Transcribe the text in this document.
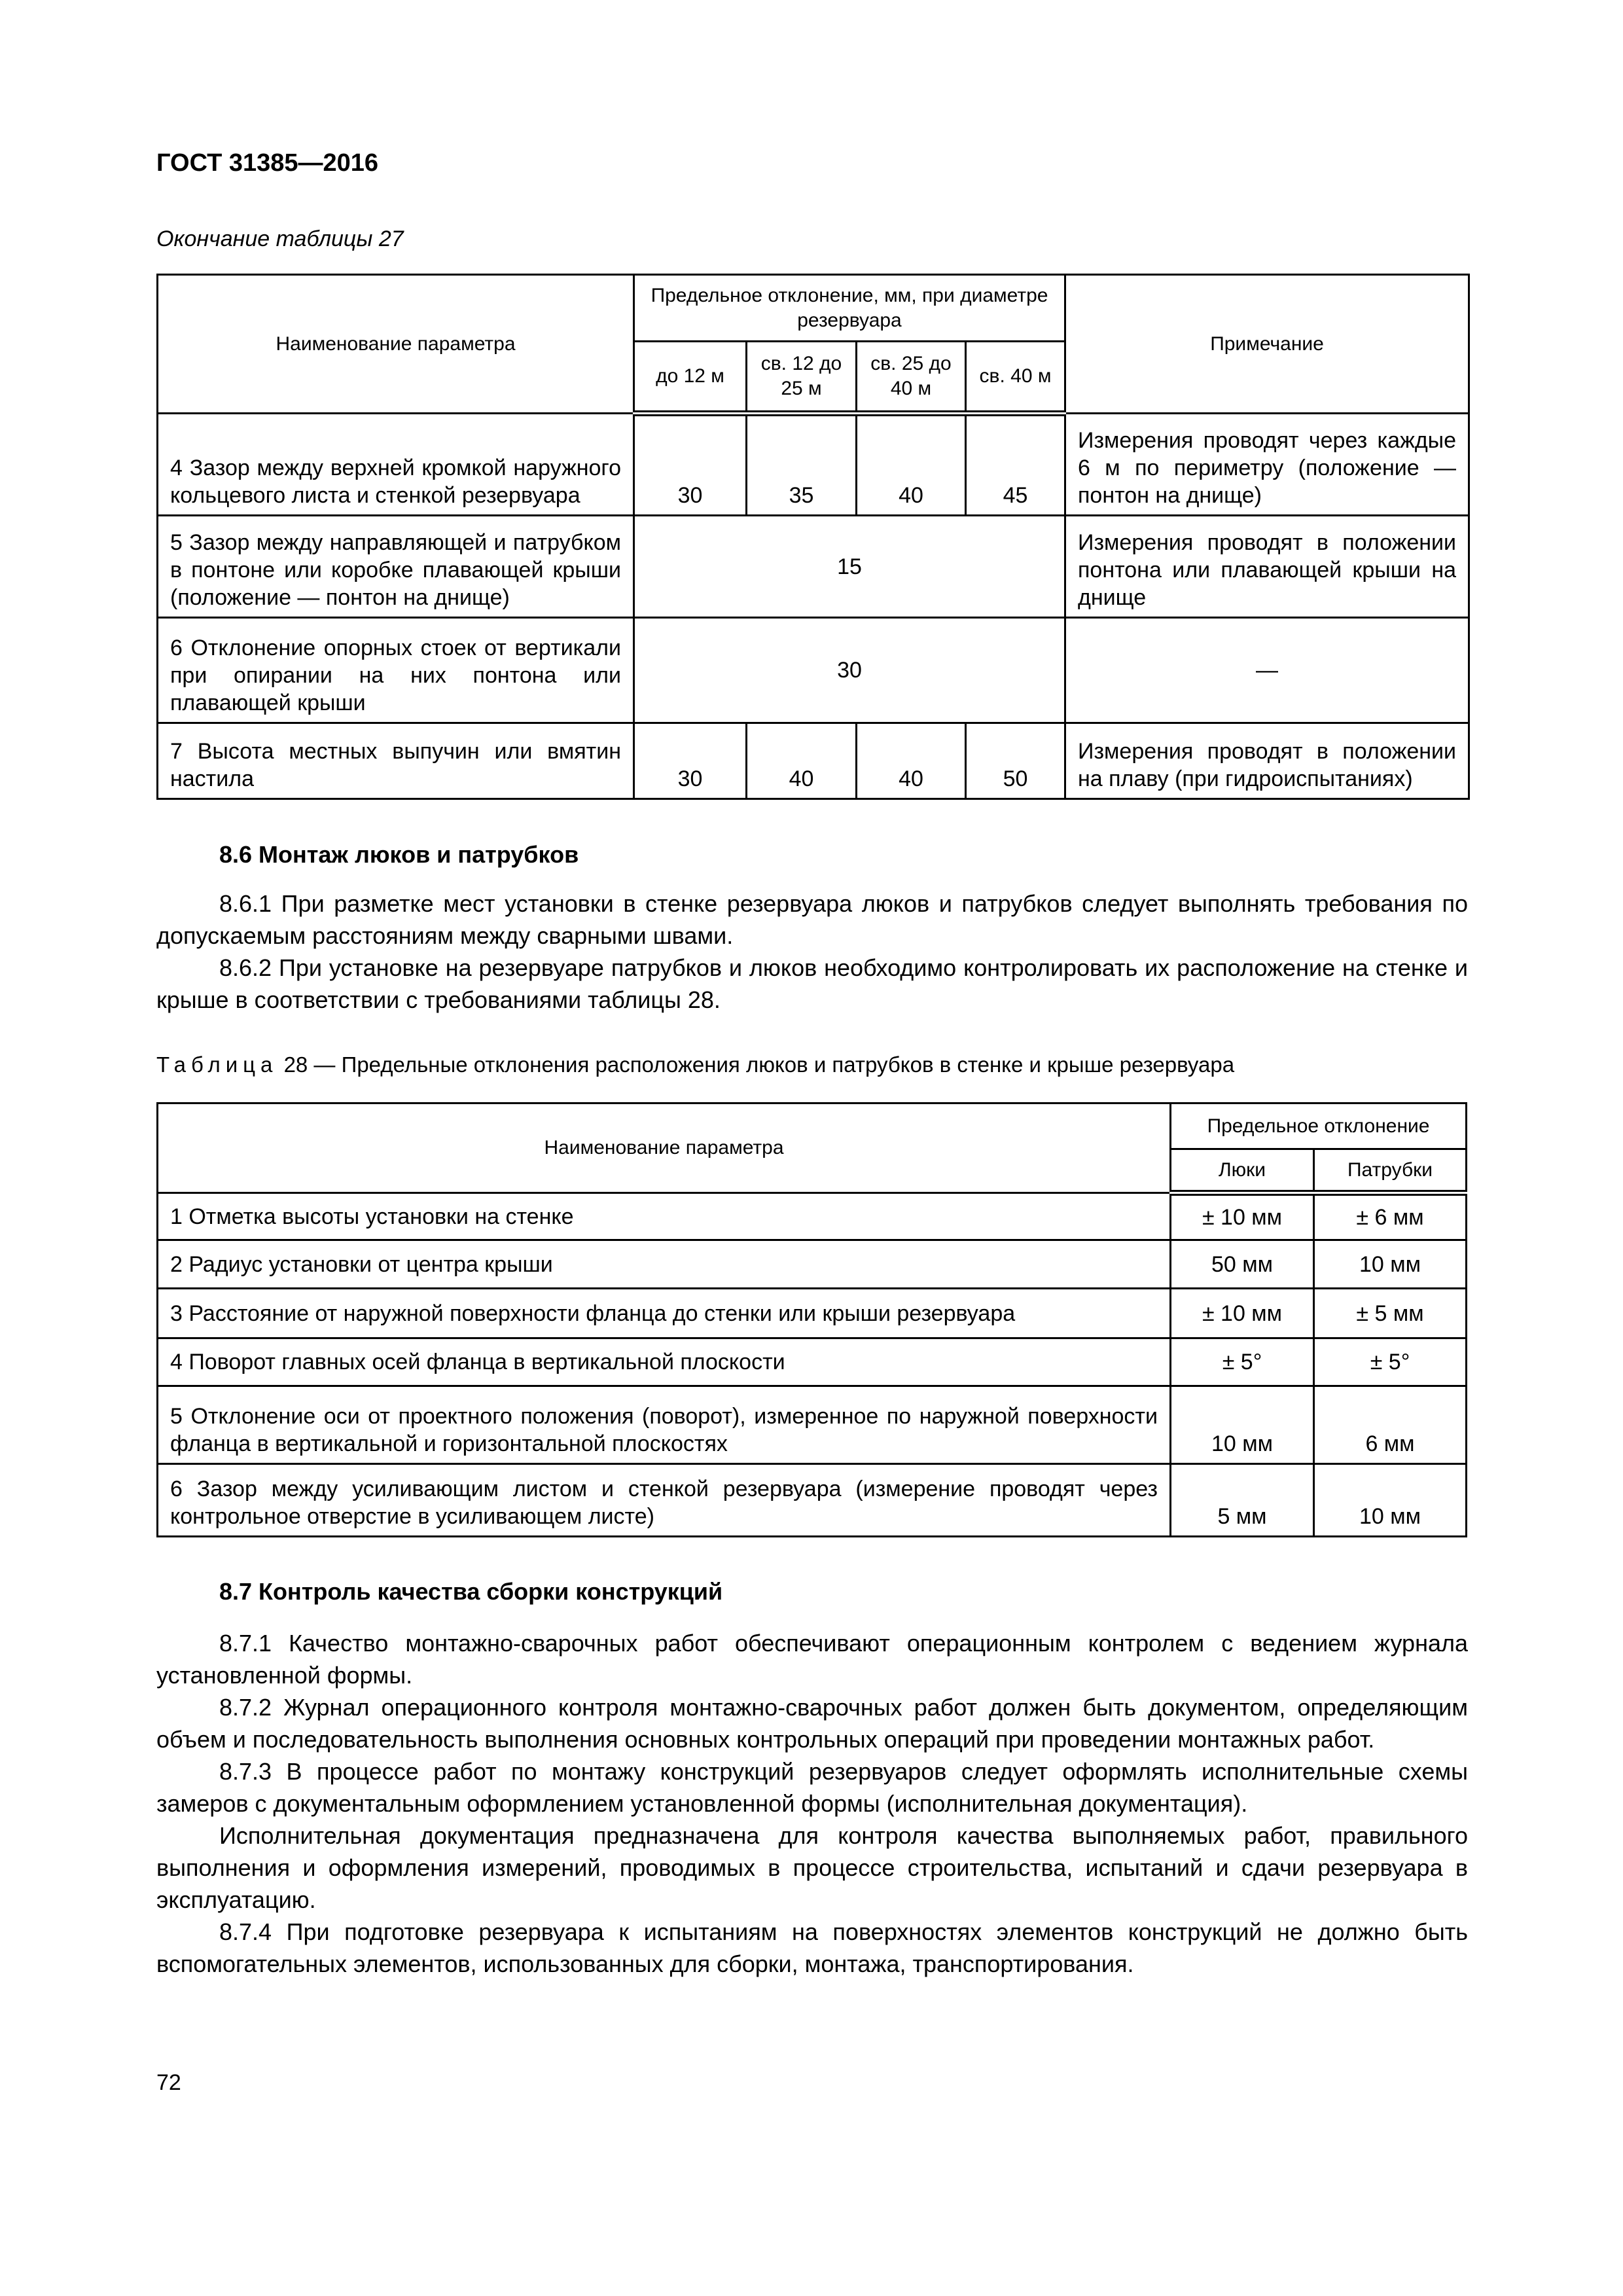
ГОСТ 31385—2016
Окончание таблицы 27
Наименование параметра	Предельное отклонение, мм, при диаметре резервуара				Примечание
	до 12 м	св. 12 до 25 м	св. 25 до 40 м	св. 40 м	
4 Зазор между верхней кромкой наружного кольцевого листа и стенкой резервуара	30	35	40	45	Измерения проводят через каждые 6 м по периметру (положение — понтон на днище)
5 Зазор между направляющей и патрубком в понтоне или коробке плавающей крыши (положение — понтон на днище)	15				Измерения проводят в положении понтона или плавающей крыши на днище
6 Отклонение опорных стоек от вертикали при опирании на них понтона или плавающей крыши	30				—
7 Высота местных выпучин или вмятин настила	30	40	40	50	Измерения проводят в положении на плаву (при гидроиспытаниях)
8.6 Монтаж люков и патрубков

8.6.1 При разметке мест установки в стенке резервуара люков и патрубков следует выполнять требования по допускаемым расстояниям между сварными швами.

8.6.2 При установке на резервуаре патрубков и люков необходимо контролировать их расположение на стенке и крыше в соответствии с требованиями таблицы 28.

Таблица 28 — Предельные отклонения расположения люков и патрубков в стенке и крыше резервуара
Наименование параметра	Предельное отклонение	
	Люки	Патрубки
1 Отметка высоты установки на стенке	± 10 мм	± 6 мм
2 Радиус установки от центра крыши	50 мм	10 мм
3 Расстояние от наружной поверхности фланца до стенки или крыши резервуара	± 10 мм	± 5 мм
4 Поворот главных осей фланца в вертикальной плоскости	± 5°	± 5°
5 Отклонение оси от проектного положения (поворот), измеренное по наружной поверхности фланца в вертикальной и горизонтальной плоскостях	10 мм	6 мм
6 Зазор между усиливающим листом и стенкой резервуара (измерение проводят через контрольное отверстие в усиливающем листе)	5 мм	10 мм
8.7 Контроль качества сборки конструкций

8.7.1 Качество монтажно-сварочных работ обеспечивают операционным контролем с ведением журнала установленной формы.

8.7.2 Журнал операционного контроля монтажно-сварочных работ должен быть документом, определяющим объем и последовательность выполнения основных контрольных операций при проведении монтажных работ.

8.7.3 В процессе работ по монтажу конструкций резервуаров следует оформлять исполнительные схемы замеров с документальным оформлением установленной формы (исполнительная документация).

Исполнительная документация предназначена для контроля качества выполняемых работ, правильного выполнения и оформления измерений, проводимых в процессе строительства, испытаний и сдачи резервуара в эксплуатацию.

8.7.4 При подготовке резервуара к испытаниям на поверхностях элементов конструкций не должно быть вспомогательных элементов, использованных для сборки, монтажа, транспортирования.

72
